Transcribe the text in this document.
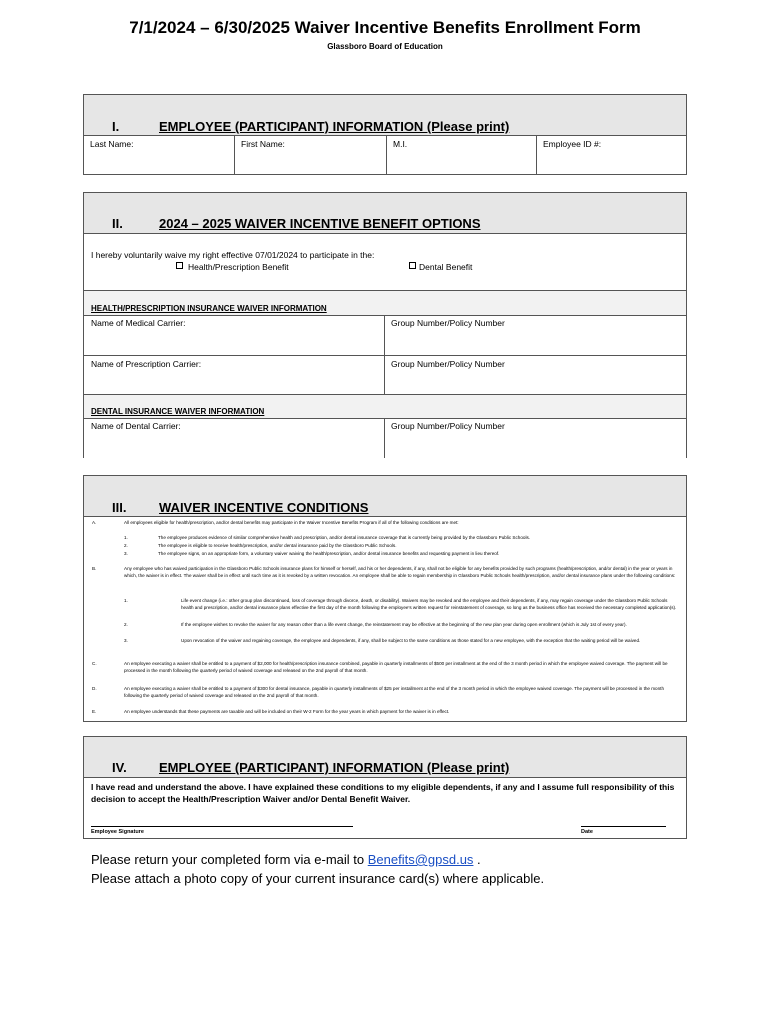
7/1/2024 – 6/30/2025 Waiver Incentive Benefits Enrollment Form
Glassboro Board of Education
I.	EMPLOYEE (PARTICIPANT) INFORMATION (Please print)
Last Name:	First Name:	M.I.	Employee ID #:
II.	2024 – 2025 WAIVER INCENTIVE BENEFIT OPTIONS
I hereby voluntarily waive my right effective 07/01/2024 to participate in the:
Health/Prescription Benefit	Dental Benefit
HEALTH/PRESCRIPTION INSURANCE WAIVER INFORMATION
Name of Medical Carrier:	Group Number/Policy Number
Name of Prescription Carrier:	Group Number/Policy Number
DENTAL INSURANCE WAIVER INFORMATION
Name of Dental Carrier:	Group Number/Policy Number
III.	WAIVER INCENTIVE CONDITIONS
A.	All employees eligible for health/prescription, and/or dental benefits may participate in the Waiver Incentive Benefits Program if all of the following conditions are met:
1.	The employee produces evidence of similar comprehensive health and prescription, and/or dental insurance coverage that is currently being provided by the Glassboro Public Schools.
2.	The employee is eligible to receive health/prescription, and/or dental insurance paid by the Glassboro Public Schools.
3.	The employee signs, on an appropriate form, a voluntary waiver waiving the health/prescription, and/or dental insurance benefits and requesting payment in lieu thereof.
B.	Any employee who has waived participation in the Glassboro Public Schools insurance plans for himself or herself, and his or her dependents, if any, shall not be eligible for any benefits provided by such programs (health/prescription, and/or dental) in the year or years in which, the waiver is in effect. The waiver shall be in effect until such time as it is revoked by a written revocation. An employee shall be able to regain membership in Glassboro Public Schools health/prescription, and/or dental insurance plans under the following conditions:
1.	Life event change (i.e.: other group plan discontinued, loss of coverage through divorce, death, or disability). Waivers may be revoked and the employee and their dependents, if any, may regain coverage under the Glassboro Public Schools health and prescription, and/or dental insurance plans effective the first day of the month following the employee's written request for reinstatement of coverage, so long as the business office has received the necessary completed application(s).
2.	If the employee wishes to revoke the waiver for any reason other than a life event change, the reinstatement may be effective at the beginning of the new plan year during open enrollment (which is July 1st of every year).
3.	Upon revocation of the waiver and regaining coverage, the employee and dependents, if any, shall be subject to the same conditions as those stated for a new employee, with the exception that the waiting period will be waived.
C.	An employee executing a waiver shall be entitled to a payment of $2,000 for health/prescription insurance combined, payable in quarterly installments of $500 per installment at the end of the 3 month period in which the employee waived coverage. The payment will be processed in the month following the quarterly period of waived coverage and released on the 2nd payroll of that month.
D.	An employee executing a waiver shall be entitled to a payment of $300 for dental insurance, payable in quarterly installments of $25 per installment at the end of the 3 month period in which the employee waived coverage. The payment will be processed in the month following the quarterly period of waived coverage and released on the 2nd payroll of that month.
E.	An employee understands that these payments are taxable and will be included on their W-2 Form for the year years in which payment for the waiver is in effect.
IV. EMPLOYEE (PARTICIPANT) INFORMATION (Please print)
I have read and understand the above. I have explained these conditions to my eligible dependents, if any and I assume full responsibility of this decision to accept the Health/Prescription Waiver and/or Dental Benefit Waiver.
Employee Signature	Date
Please return your completed form via e-mail to Benefits@gpsd.us .
Please attach a photo copy of your current insurance card(s) where applicable.
